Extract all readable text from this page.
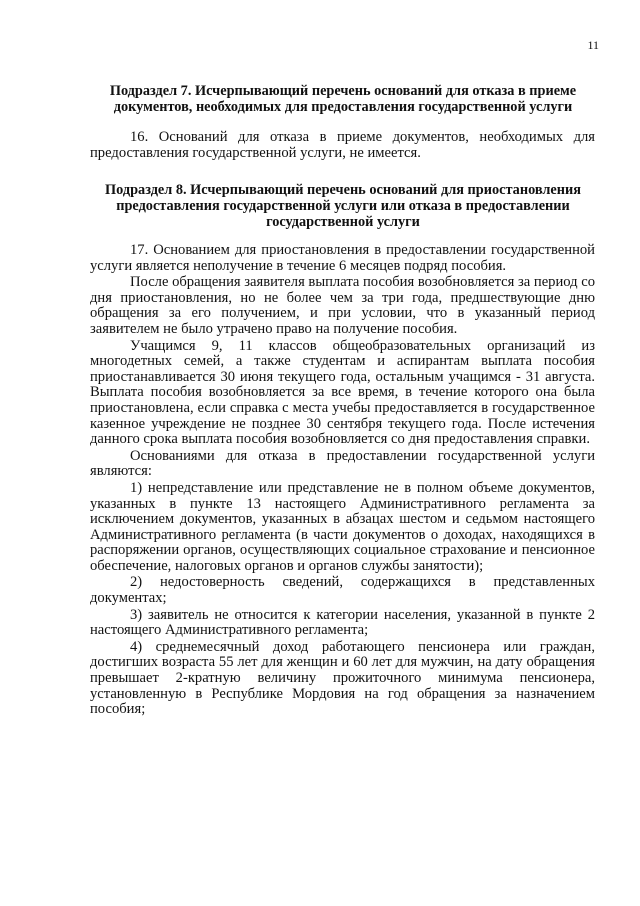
11
Подраздел 7. Исчерпывающий перечень оснований для отказа в приеме документов, необходимых для предоставления государственной услуги

16. Оснований для отказа в приеме документов, необходимых для предоставления государственной услуги, не имеется.

Подраздел 8. Исчерпывающий перечень оснований для приостановления предоставления государственной услуги или отказа в предоставлении государственной услуги

17. Основанием для приостановления в предоставлении государственной услуги является неполучение в течение 6 месяцев подряд пособия.

После обращения заявителя выплата пособия возобновляется за период со дня приостановления, но не более чем за три года, предшествующие дню обращения за его получением, и при условии, что в указанный период заявителем не было утрачено право на получение пособия.

Учащимся 9, 11 классов общеобразовательных организаций из многодетных семей, а также студентам и аспирантам выплата пособия приостанавливается 30 июня текущего года, остальным учащимся - 31 августа. Выплата пособия возобновляется за все время, в течение которого она была приостановлена, если справка с места учебы предоставляется в государственное казенное учреждение не позднее 30 сентября текущего года. После истечения данного срока выплата пособия возобновляется со дня предоставления справки.

Основаниями для отказа в предоставлении государственной услуги являются:

1) непредставление или представление не в полном объеме документов, указанных в пункте 13 настоящего Административного регламента за исключением документов, указанных в абзацах шестом и седьмом настоящего Административного регламента (в части документов о доходах, находящихся в распоряжении органов, осуществляющих социальное страхование и пенсионное обеспечение, налоговых органов и органов службы занятости);

2) недостоверность сведений, содержащихся в представленных документах;

3) заявитель не относится к категории населения, указанной в пункте 2 настоящего Административного регламента;

4) среднемесячный доход работающего пенсионера или граждан, достигших возраста 55 лет для женщин и 60 лет для мужчин, на дату обращения превышает 2-кратную величину прожиточного минимума пенсионера, установленную в Республике Мордовия на год обращения за назначением пособия;
